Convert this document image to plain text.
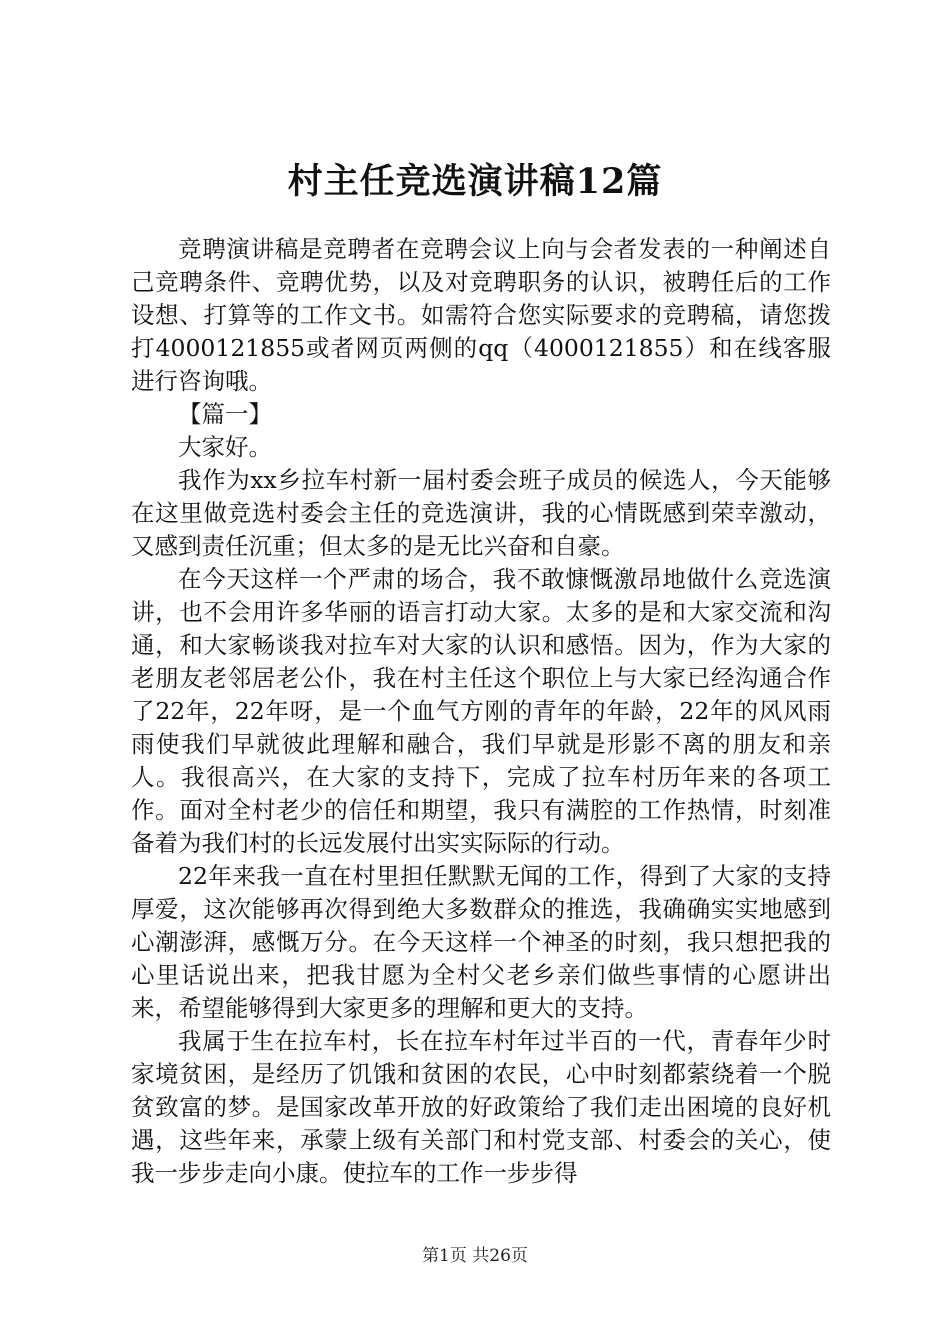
村主任竞选演讲稿12篇

竞聘演讲稿是竞聘者在竞聘会议上向与会者发表的一种阐述自己竞聘条件、竞聘优势，以及对竞聘职务的认识，被聘任后的工作设想、打算等的工作文书。如需符合您实际要求的竞聘稿，请您拨打4000121855或者网页两侧的qq（4000121855）和在线客服进行咨询哦。

【篇一】

大家好。

我作为xx乡拉车村新一届村委会班子成员的候选人，今天能够在这里做竞选村委会主任的竞选演讲，我的心情既感到荣幸激动，又感到责任沉重；但太多的是无比兴奋和自豪。

在今天这样一个严肃的场合，我不敢慷慨激昂地做什么竞选演讲，也不会用许多华丽的语言打动大家。太多的是和大家交流和沟通，和大家畅谈我对拉车对大家的认识和感悟。因为，作为大家的老朋友老邻居老公仆，我在村主任这个职位上与大家已经沟通合作了22年，22年呀，是一个血气方刚的青年的年龄，22年的风风雨雨使我们早就彼此理解和融合，我们早就是形影不离的朋友和亲人。我很高兴，在大家的支持下，完成了拉车村历年来的各项工作。面对全村老少的信任和期望，我只有满腔的工作热情，时刻准备着为我们村的长远发展付出实实际际的行动。

22年来我一直在村里担任默默无闻的工作，得到了大家的支持厚爱，这次能够再次得到绝大多数群众的推选，我确确实实地感到心潮澎湃，感慨万分。在今天这样一个神圣的时刻，我只想把我的心里话说出来，把我甘愿为全村父老乡亲们做些事情的心愿讲出来，希望能够得到大家更多的理解和更大的支持。

我属于生在拉车村，长在拉车村年过半百的一代，青春年少时家境贫困，是经历了饥饿和贫困的农民，心中时刻都萦绕着一个脱贫致富的梦。是国家改革开放的好政策给了我们走出困境的良好机遇，这些年来，承蒙上级有关部门和村党支部、村委会的关心，使我一步步走向小康。使拉车的工作一步步得

第1页 共26页
